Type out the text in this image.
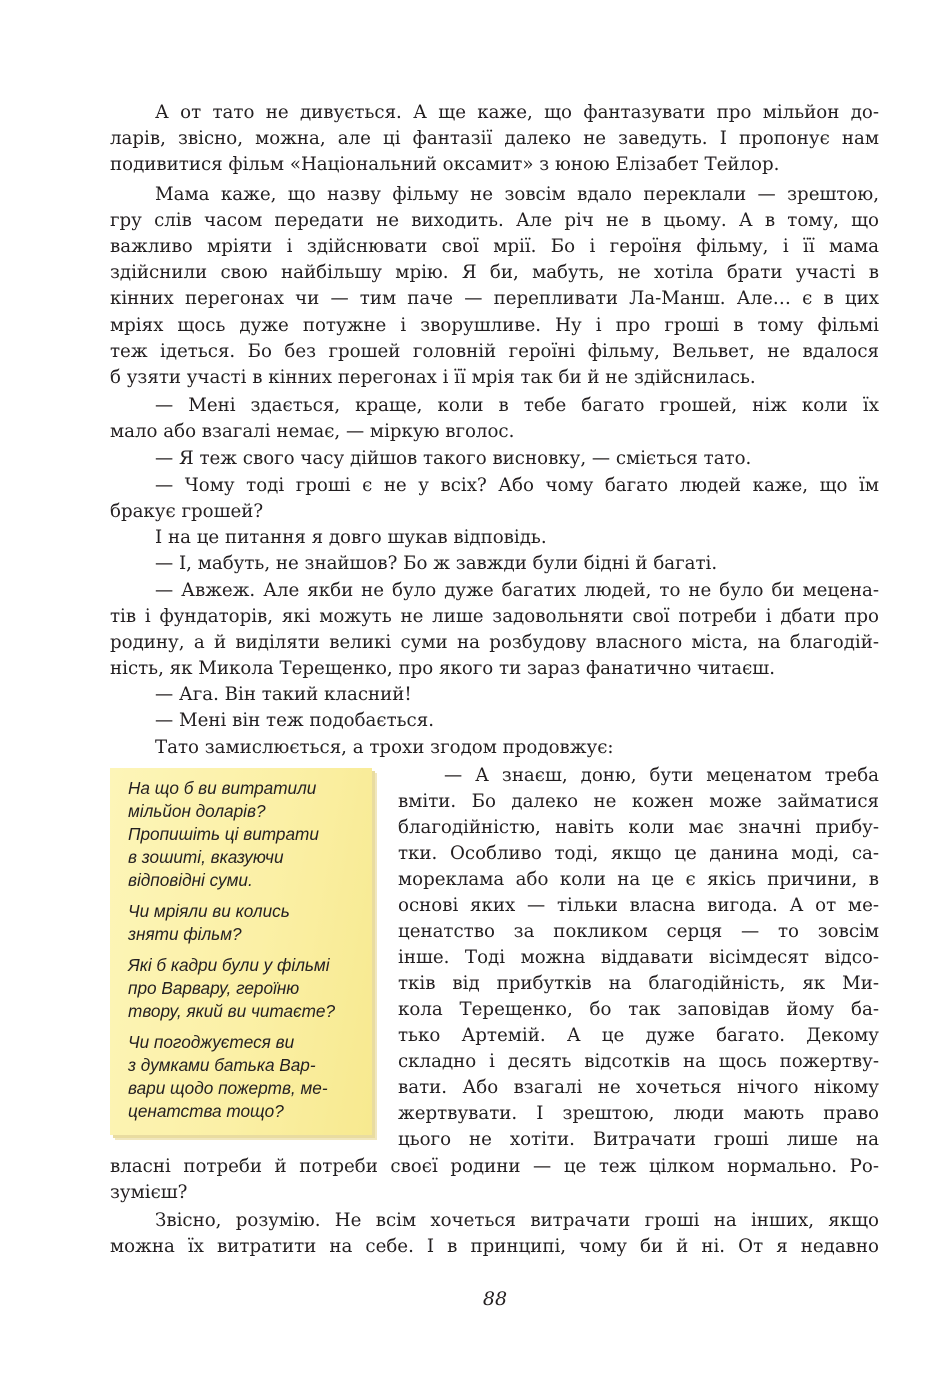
А от тато не дивується. А ще каже, що фантазувати про мільйон до-
ларів, звісно, можна, але ці фантазії далеко не заведуть. І пропонує нам
подивитися фільм «Національний оксамит» з юною Елізабет Тейлор.
Мама каже, що назву фільму не зовсім вдало переклали — зрештою,
гру слів часом передати не виходить. Але річ не в цьому. А в тому, що
важливо мріяти і здійснювати свої мрії. Бо і героїня фільму, і її мама
здійснили свою найбільшу мрію. Я би, мабуть, не хотіла брати участі в
кінних перегонах чи — тим паче — перепливати Ла-Манш. Але… є в цих
мріях щось дуже потужне і зворушливе. Ну і про гроші в тому фільмі
теж ідеться. Бо без грошей головній героїні фільму, Вельвет, не вдалося
б узяти участі в кінних перегонах і її мрія так би й не здійснилась.
— Мені здається, краще, коли в тебе багато грошей, ніж коли їх
мало або взагалі немає, — міркую вголос.
— Я теж свого часу дійшов такого висновку, — сміється тато.
— Чому тоді гроші є не у всіх? Або чому багато людей каже, що їм
бракує грошей?
І на це питання я довго шукав відповідь.
— І, мабуть, не знайшов? Бо ж завжди були бідні й багаті.
— Авжеж. Але якби не було дуже багатих людей, то не було би мецена-
тів і фундаторів, які можуть не лише задовольняти свої потреби і дбати про
родину, а й виділяти великі суми на розбудову власного міста, на благодій-
ність, як Микола Терещенко, про якого ти зараз фанатично читаєш.
— Ага. Він такий класний!
— Мені він теж подобається.
Тато замислюється, а трохи згодом продовжує:
На що б ви витратили
мільйон доларів?
Пропишіть ці витрати
в зошиті, вказуючи
відповідні суми.
Чи мріяли ви колись
зняти фільм?
Які б кадри були у фільмі
про Варвару, героїню
твору, який ви читаєте?
Чи погоджуєтеся ви
з думками батька Вар-
вари щодо пожертв, ме-
ценатства тощо?
— А знаєш, доню, бути меценатом треба
вміти. Бо далеко не кожен може займатися
благодійністю, навіть коли має значні прибу-
тки. Особливо тоді, якщо це данина моді, са-
мореклама або коли на це є якісь причини, в
основі яких — тільки власна вигода. А от ме-
ценатство за покликом серця — то зовсім
інше. Тоді можна віддавати вісімдесят відсо-
тків від прибутків на благодійність, як Ми-
кола Терещенко, бо так заповідав йому ба-
тько Артемій. А це дуже багато. Декому
складно і десять відсотків на щось пожертву-
вати. Або взагалі не хочеться нічого нікому
жертвувати. І зрештою, люди мають право
цього не хотіти. Витрачати гроші лише на
власні потреби й потреби своєї родини — це теж цілком нормально. Ро-
зумієш?
Звісно, розумію. Не всім хочеться витрачати гроші на інших, якщо
можна їх витратити на себе. І в принципі, чому би й ні. От я недавно
88
